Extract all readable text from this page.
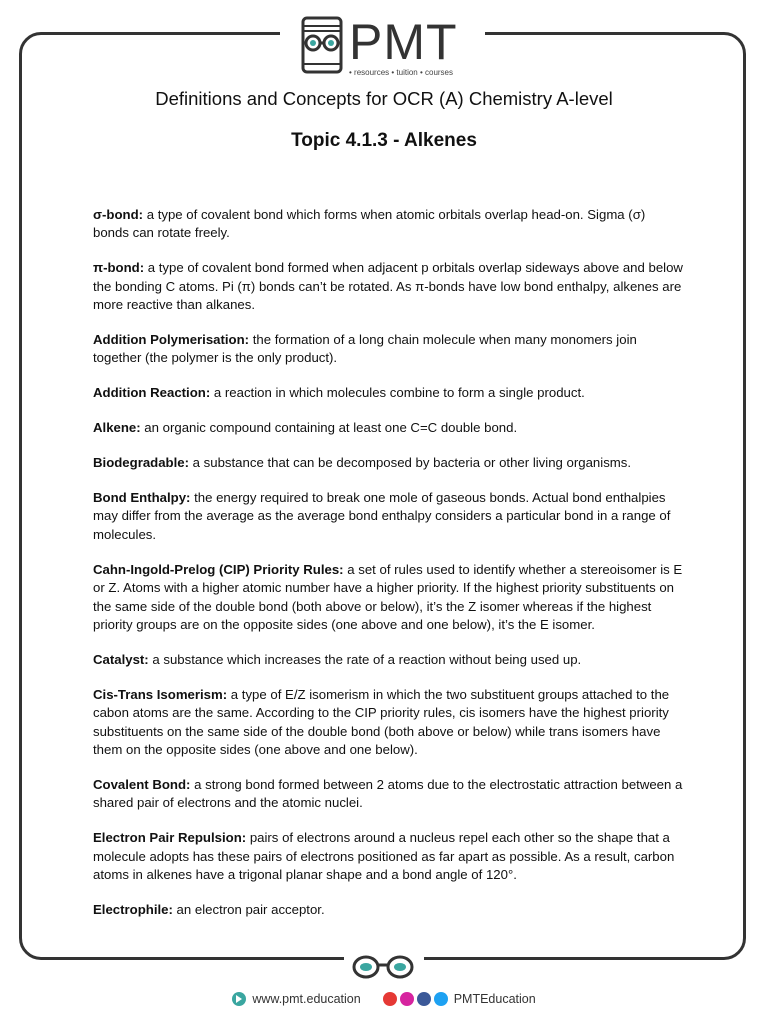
PMT
• resources • tuition • courses
Definitions and Concepts for OCR (A) Chemistry A-level
Topic 4.1.3 - Alkenes

σ-bond: a type of covalent bond which forms when atomic orbitals overlap head-on. Sigma (σ) bonds can rotate freely.

π-bond: a type of covalent bond formed when adjacent p orbitals overlap sideways above and below the bonding C atoms. Pi (π) bonds can’t be rotated. As π-bonds have low bond enthalpy, alkenes are more reactive than alkanes.

Addition Polymerisation: the formation of a long chain molecule when many monomers join together (the polymer is the only product).

Addition Reaction: a reaction in which molecules combine to form a single product.

Alkene: an organic compound containing at least one C=C double bond.

Biodegradable: a substance that can be decomposed by bacteria or other living organisms.

Bond Enthalpy: the energy required to break one mole of gaseous bonds. Actual bond enthalpies may differ from the average as the average bond enthalpy considers a particular bond in a range of molecules.

Cahn-Ingold-Prelog (CIP) Priority Rules: a set of rules used to identify whether a stereoisomer is E or Z. Atoms with a higher atomic number have a higher priority. If the highest priority substituents on the same side of the double bond (both above or below), it’s the Z isomer whereas if the highest priority groups are on the opposite sides (one above and one below), it’s the E isomer.

Catalyst: a substance which increases the rate of a reaction without being used up.

Cis-Trans Isomerism: a type of E/Z isomerism in which the two substituent groups attached to the cabon atoms are the same. According to the CIP priority rules, cis isomers have the highest priority substituents on the same side of the double bond (both above or below) while trans isomers have them on the opposite sides (one above and one below).

Covalent Bond: a strong bond formed between 2 atoms due to the electrostatic attraction between a shared pair of electrons and the atomic nuclei.

Electron Pair Repulsion: pairs of electrons around a nucleus repel each other so the shape that a molecule adopts has these pairs of electrons positioned as far apart as possible. As a result, carbon atoms in alkenes have a trigonal planar shape and a bond angle of 120°.

Electrophile: an electron pair acceptor.

www.pmt.education	PMTEducation
